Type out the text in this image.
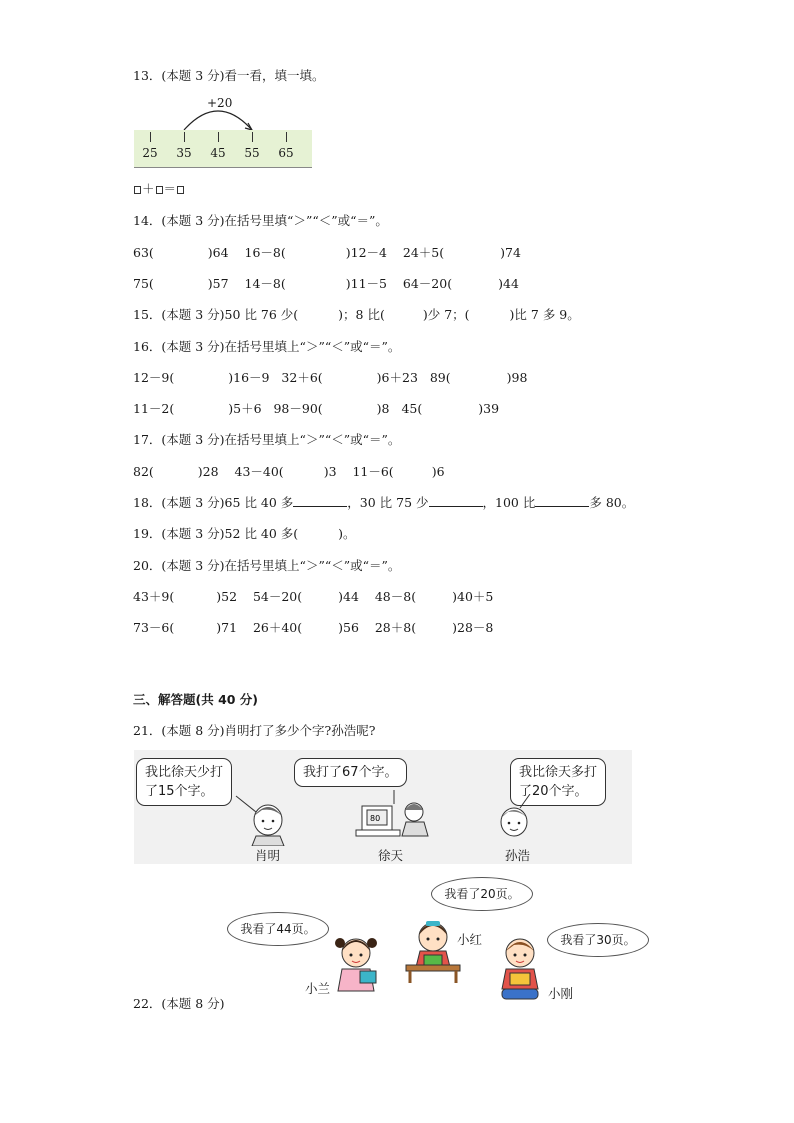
13．(本题 3 分)看一看，填一填。
+20
25 35 45 55 65
＋ ＝
14．(本题 3 分)在括号里填“＞”“＜”或“＝”。
63(	)64 16－8(	)12－4 24＋5(	)74
75(	)57 14－8(	)11－5 64－20(	)44
15．(本题 3 分)50 比 76 少(	)；8 比(	)少 7；(	)比 7 多 9。
16．(本题 3 分)在括号里填上“＞”“＜”或“＝”。
12－9(	)16－9 32＋6(	)6＋23 89(	)98
11－2(	)5＋6 98－90(	)8 45(	)39
17．(本题 3 分)在括号里填上“＞”“＜”或“＝”。
82(	)28 43－40(	)3 11－6(	)6
18．(本题 3 分)65 比 40 多	，30 比 75 少	，100 比	多 80。
19．(本题 3 分)52 比 40 多(	)。
20．(本题 3 分)在括号里填上“＞”“＜”或“＝”。
43＋9(	)52 54－20(	)44 48－8(	)40＋5
73－6(	)71 26＋40(	)56 28＋8(	)28－8
三、解答题(共 40 分)
21．(本题 8 分)肖明打了多少个字?孙浩呢?
我比徐天少打
了15个字。
我打了67个字。	我比徐天多打
了20个字。
80
肖明	徐天	孙浩
我看了20页。
我看了44页。
我看了30页。
小红
小兰	小刚
22．(本题 8 分)
